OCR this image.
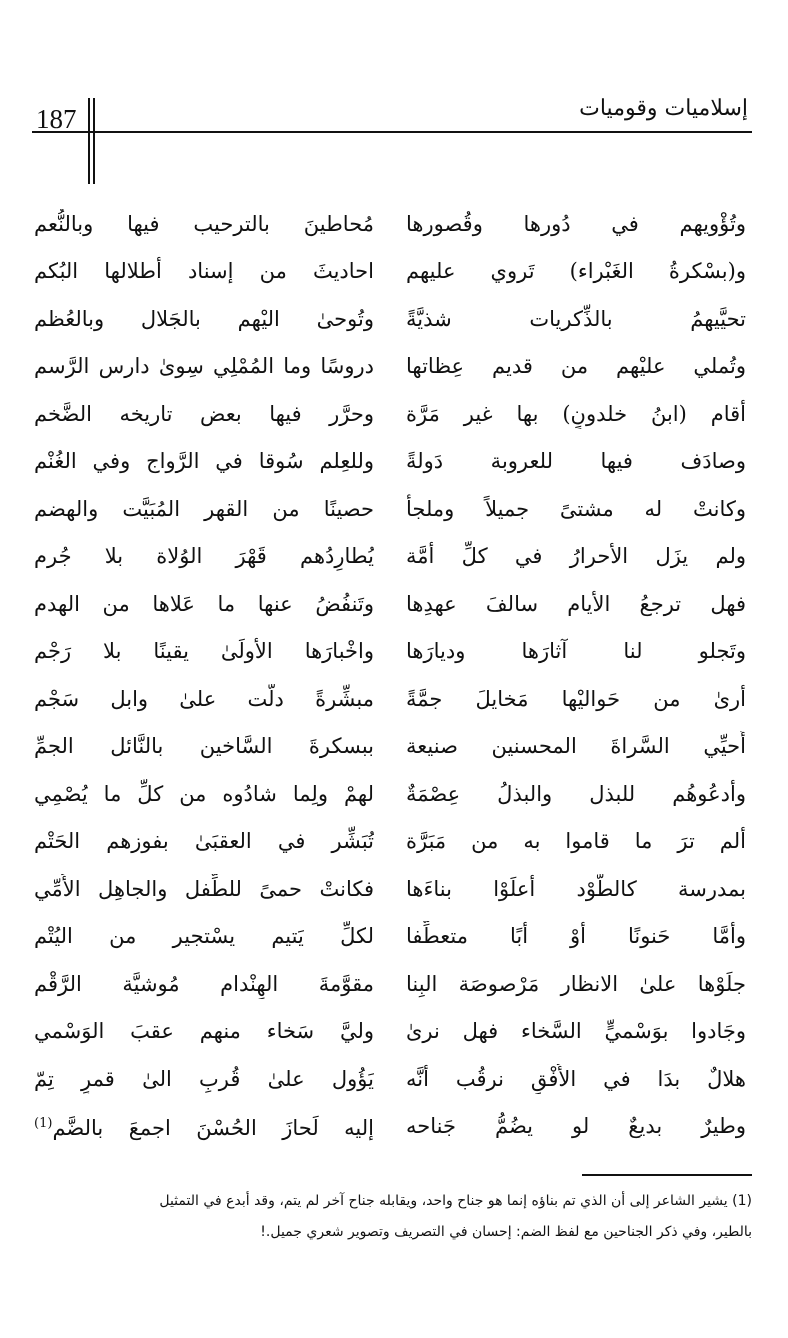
187	إسلاميات وقوميات
وتُؤْويهم في دُورها وقُصورها
مُحاطينَ بالترحيب فيها وبالنُّعم
و(بسْكرةُ الغَبْراء) تَروي عليهم
احاديثَ من إسناد أطلالها البُكم
تحيَّيهمُ بالذِّكريات شذيَّةً
وتُوحىٰ اليْهم بالجَلال وبالعُظم
وتُملي عليْهم من قديم عِظاتها
دروسًا وما المُمْلِي سِوىٰ دارس الرَّسم
أقام (ابنُ خلدونٍ) بها غير مَرَّة
وحرَّر فيها بعض تاريخه الضَّخم
وصادَف فيها للعروبة دَولةً
وللعِلم سُوقا في الرَّواج وفي الغُنْم
وكانتْ له مشتىً جميلاً وملجأ
حصينًا من القهر المُبَيَّت والهضم
ولم يزَل الأحرارُ في كلِّ أمَّة
يُطارِدُهم قَهْرَ الوُلاة بلا جُرم
فهل ترجعُ الأيام سالفَ عهدِها
وتَنفُضُ عنها ما عَلاها من الهدم
وتَجلو لنا آثارَها وديارَها
واخْبارَها الأولَىٰ يقينًا بلا رَجْم
أرىٰ من حَواليْها مَخايلَ جمَّةً
مبشِّرةً دلَّت علىٰ وابل سَجْم
أُحيِّي السَّراةَ المحسنين صنيعة
ببسكرةَ السَّاخين بالنَّائل الجمِّ
وأدعُوهُم للبذل والبذلُ عِصْمَةٌ
لهمْ ولِما شادُوه من كلِّ ما يُصْمِي
ألم ترَ ما قاموا به من مَبَرَّة
تُبَشِّر في العقبَىٰ بفوزهم الحَتْم
بمدرسة كالطَّوْد أعلَوْا بناءَها
فكانتْ حمىً للطِّفل والجاهِل الأُمِّي
وأمَّا حَنونًا أوْ أبًا متعطِّفا
لكلِّ يَتيم يسْتجير من اليُتْم
جلَوْها علىٰ الانظار مَرْصوصَة البِنا
مقوَّمةَ الهِنْدام مُوشيَّة الرَّقْم
وجَادوا بوَسْميٍّ السَّخاء فهل نرىٰ
وليَّ سَخاء منهم عقبَ الوَسْمي
هلالٌ بدَا في الأُفْقِ نرقُب أنَّه
يَؤُول علىٰ قُربِ الىٰ قمرٍ تِمّ
وطيرٌ بديعٌ لو يضُمُّ جَناحه
إليه لَحازَ الحُسْنَ اجمعَ بالضَّم$^{(1)}$
(1) يشير الشاعر إلى أن الذي تم بناؤه إنما هو جناح واحد، ويقابله جناح آخر لم يتم، وقد أبدع في التمثيل
بالطير، وفي ذكر الجناحين مع لفظ الضم: إحسان في التصريف وتصوير شعري جميل.!
